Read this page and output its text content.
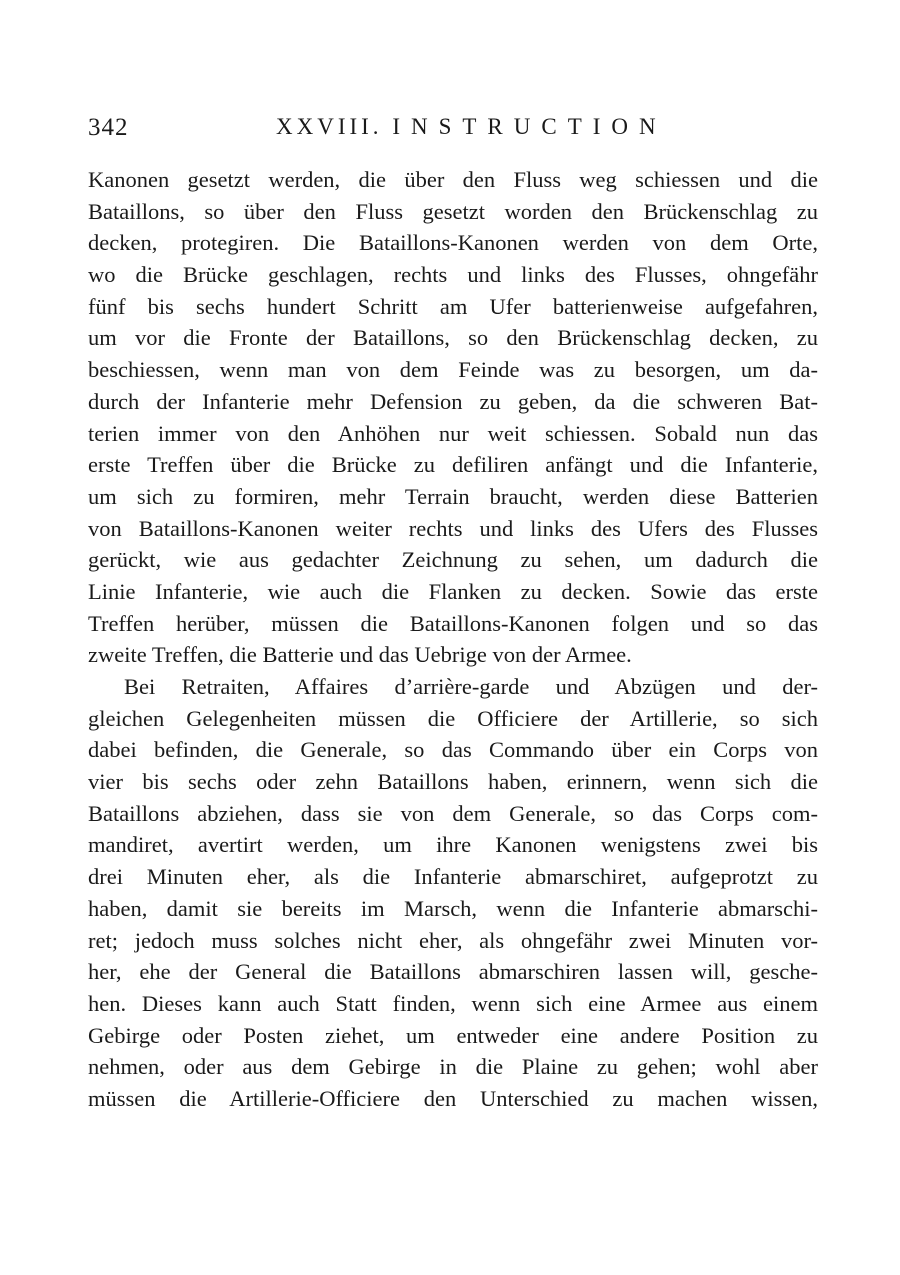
342	XXVIII. INSTRUCTION
Kanonen gesetzt werden, die über den Fluss weg schiessen und die
Bataillons, so über den Fluss gesetzt worden den Brückenschlag zu
decken, protegiren. Die Bataillons-Kanonen werden von dem Orte,
wo die Brücke geschlagen, rechts und links des Flusses, ohngefähr
fünf bis sechs hundert Schritt am Ufer batterienweise aufgefahren,
um vor die Fronte der Bataillons, so den Brückenschlag decken, zu
beschiessen, wenn man von dem Feinde was zu besorgen, um da-
durch der Infanterie mehr Defension zu geben, da die schweren Bat-
terien immer von den Anhöhen nur weit schiessen. Sobald nun das
erste Treffen über die Brücke zu defiliren anfängt und die Infanterie,
um sich zu formiren, mehr Terrain braucht, werden diese Batterien
von Bataillons-Kanonen weiter rechts und links des Ufers des Flusses
gerückt, wie aus gedachter Zeichnung zu sehen, um dadurch die
Linie Infanterie, wie auch die Flanken zu decken. Sowie das erste
Treffen herüber, müssen die Bataillons-Kanonen folgen und so das
zweite Treffen, die Batterie und das Uebrige von der Armee.
Bei Retraiten, Affaires d’arrière-garde und Abzügen und der-
gleichen Gelegenheiten müssen die Officiere der Artillerie, so sich
dabei befinden, die Generale, so das Commando über ein Corps von
vier bis sechs oder zehn Bataillons haben, erinnern, wenn sich die
Bataillons abziehen, dass sie von dem Generale, so das Corps com-
mandiret, avertirt werden, um ihre Kanonen wenigstens zwei bis
drei Minuten eher, als die Infanterie abmarschiret, aufgeprotzt zu
haben, damit sie bereits im Marsch, wenn die Infanterie abmarschi-
ret; jedoch muss solches nicht eher, als ohngefähr zwei Minuten vor-
her, ehe der General die Bataillons abmarschiren lassen will, gesche-
hen. Dieses kann auch Statt finden, wenn sich eine Armee aus einem
Gebirge oder Posten ziehet, um entweder eine andere Position zu
nehmen, oder aus dem Gebirge in die Plaine zu gehen; wohl aber
müssen die Artillerie-Officiere den Unterschied zu machen wissen,
